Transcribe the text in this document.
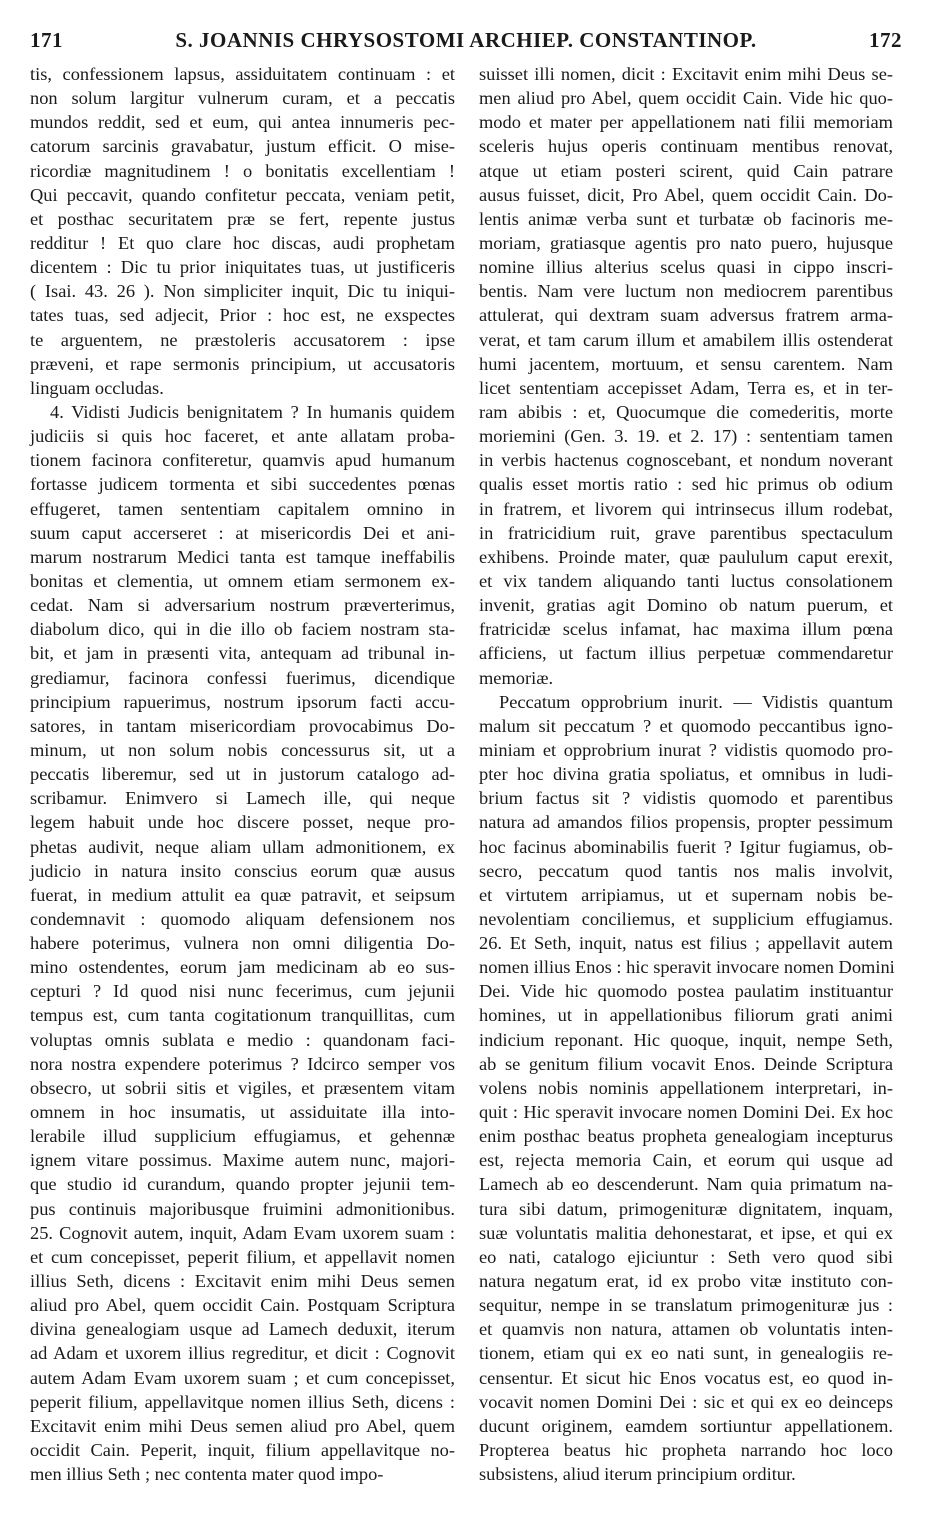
171	S. JOANNIS CHRYSOSTOMI ARCHIEP. CONSTANTINOP.	172
tis, confessionem lapsus, assiduitatem continuam : et
non solum largitur vulnerum curam, et a peccatis
mundos reddit, sed et eum, qui antea innumeris pec-
catorum sarcinis gravabatur, justum efficit. O mise-
ricordiæ magnitudinem ! o bonitatis excellentiam !
Qui peccavit, quando confitetur peccata, veniam petit,
et posthac securitatem præ se fert, repente justus
redditur ! Et quo clare hoc discas, audi prophetam
dicentem : Dic tu prior iniquitates tuas, ut justificeris
( Isai. 43. 26 ). Non simpliciter inquit, Dic tu iniqui-
tates tuas, sed adjecit, Prior : hoc est, ne exspectes
te arguentem, ne præstoleris accusatorem : ipse
præveni, et rape sermonis principium, ut accusatoris
linguam occludas.
4. Vidisti Judicis benignitatem ? In humanis quidem
judiciis si quis hoc faceret, et ante allatam proba-
tionem facinora confiteretur, quamvis apud humanum
fortasse judicem tormenta et sibi succedentes pœnas
effugeret, tamen sententiam capitalem omnino in
suum caput accerseret : at misericordis Dei et ani-
marum nostrarum Medici tanta est tamque ineffabilis
bonitas et clementia, ut omnem etiam sermonem ex-
cedat. Nam si adversarium nostrum præverterimus,
diabolum dico, qui in die illo ob faciem nostram sta-
bit, et jam in præsenti vita, antequam ad tribunal in-
grediamur, facinora confessi fuerimus, dicendique
principium rapuerimus, nostrum ipsorum facti accu-
satores, in tantam misericordiam provocabimus Do-
minum, ut non solum nobis concessurus sit, ut a
peccatis liberemur, sed ut in justorum catalogo ad-
scribamur. Enimvero si Lamech ille, qui neque
legem habuit unde hoc discere posset, neque pro-
phetas audivit, neque aliam ullam admonitionem, ex
judicio in natura insito conscius eorum quæ ausus
fuerat, in medium attulit ea quæ patravit, et seipsum
condemnavit : quomodo aliquam defensionem nos
habere poterimus, vulnera non omni diligentia Do-
mino ostendentes, eorum jam medicinam ab eo sus-
cepturi ? Id quod nisi nunc fecerimus, cum jejunii
tempus est, cum tanta cogitationum tranquillitas, cum
voluptas omnis sublata e medio : quandonam faci-
nora nostra expendere poterimus ? Idcirco semper vos
obsecro, ut sobrii sitis et vigiles, et præsentem vitam
omnem in hoc insumatis, ut assiduitate illa into-
lerabile illud supplicium effugiamus, et gehennæ
ignem vitare possimus. Maxime autem nunc, majori-
que studio id curandum, quando propter jejunii tem-
pus continuis majoribusque fruimini admonitionibus.
25. Cognovit autem, inquit, Adam Evam uxorem suam :
et cum concepisset, peperit filium, et appellavit nomen
illius Seth, dicens : Excitavit enim mihi Deus semen
aliud pro Abel, quem occidit Cain. Postquam Scriptura
divina genealogiam usque ad Lamech deduxit, iterum
ad Adam et uxorem illius regreditur, et dicit : Cognovit
autem Adam Evam uxorem suam ; et cum concepisset,
peperit filium, appellavitque nomen illius Seth, dicens :
Excitavit enim mihi Deus semen aliud pro Abel, quem
occidit Cain. Peperit, inquit, filium appellavitque no-
men illius Seth ; nec contenta mater quod impo-
suisset illi nomen, dicit : Excitavit enim mihi Deus se-
men aliud pro Abel, quem occidit Cain. Vide hic quo-
modo et mater per appellationem nati filii memoriam
sceleris hujus operis continuam mentibus renovat,
atque ut etiam posteri scirent, quid Cain patrare
ausus fuisset, dicit, Pro Abel, quem occidit Cain. Do-
lentis animæ verba sunt et turbatæ ob facinoris me-
moriam, gratiasque agentis pro nato puero, hujusque
nomine illius alterius scelus quasi in cippo inscri-
bentis. Nam vere luctum non mediocrem parentibus
attulerat, qui dextram suam adversus fratrem arma-
verat, et tam carum illum et amabilem illis ostenderat
humi jacentem, mortuum, et sensu carentem. Nam
licet sententiam accepisset Adam, Terra es, et in ter-
ram abibis : et, Quocumque die comederitis, morte
moriemini (Gen. 3. 19. et 2. 17) : sententiam tamen
in verbis hactenus cognoscebant, et nondum noverant
qualis esset mortis ratio : sed hic primus ob odium
in fratrem, et livorem qui intrinsecus illum rodebat,
in fratricidium ruit, grave parentibus spectaculum
exhibens. Proinde mater, quæ paululum caput erexit,
et vix tandem aliquando tanti luctus consolationem
invenit, gratias agit Domino ob natum puerum, et
fratricidæ scelus infamat, hac maxima illum pœna
afficiens, ut factum illius perpetuæ commendaretur
memoriæ.
Peccatum opprobrium inurit. — Vidistis quantum
malum sit peccatum ? et quomodo peccantibus igno-
miniam et opprobrium inurat ? vidistis quomodo pro-
pter hoc divina gratia spoliatus, et omnibus in ludi-
brium factus sit ? vidistis quomodo et parentibus
natura ad amandos filios propensis, propter pessimum
hoc facinus abominabilis fuerit ? Igitur fugiamus, ob-
secro, peccatum quod tantis nos malis involvit,
et virtutem arripiamus, ut et supernam nobis be-
nevolentiam conciliemus, et supplicium effugiamus.
26. Et Seth, inquit, natus est filius ; appellavit autem
nomen illius Enos : hic speravit invocare nomen Domini
Dei. Vide hic quomodo postea paulatim instituantur
homines, ut in appellationibus filiorum grati animi
indicium reponant. Hic quoque, inquit, nempe Seth,
ab se genitum filium vocavit Enos. Deinde Scriptura
volens nobis nominis appellationem interpretari, in-
quit : Hic speravit invocare nomen Domini Dei. Ex hoc
enim posthac beatus propheta genealogiam incepturus
est, rejecta memoria Cain, et eorum qui usque ad
Lamech ab eo descenderunt. Nam quia primatum na-
tura sibi datum, primogenituræ dignitatem, inquam,
suæ voluntatis malitia dehonestarat, et ipse, et qui ex
eo nati, catalogo ejiciuntur : Seth vero quod sibi
natura negatum erat, id ex probo vitæ instituto con-
sequitur, nempe in se translatum primogenituræ jus :
et quamvis non natura, attamen ob voluntatis inten-
tionem, etiam qui ex eo nati sunt, in genealogiis re-
censentur. Et sicut hic Enos vocatus est, eo quod in-
vocavit nomen Domini Dei : sic et qui ex eo deinceps
ducunt originem, eamdem sortiuntur appellationem.
Propterea beatus hic propheta narrando hoc loco
subsistens, aliud iterum principium orditur.
